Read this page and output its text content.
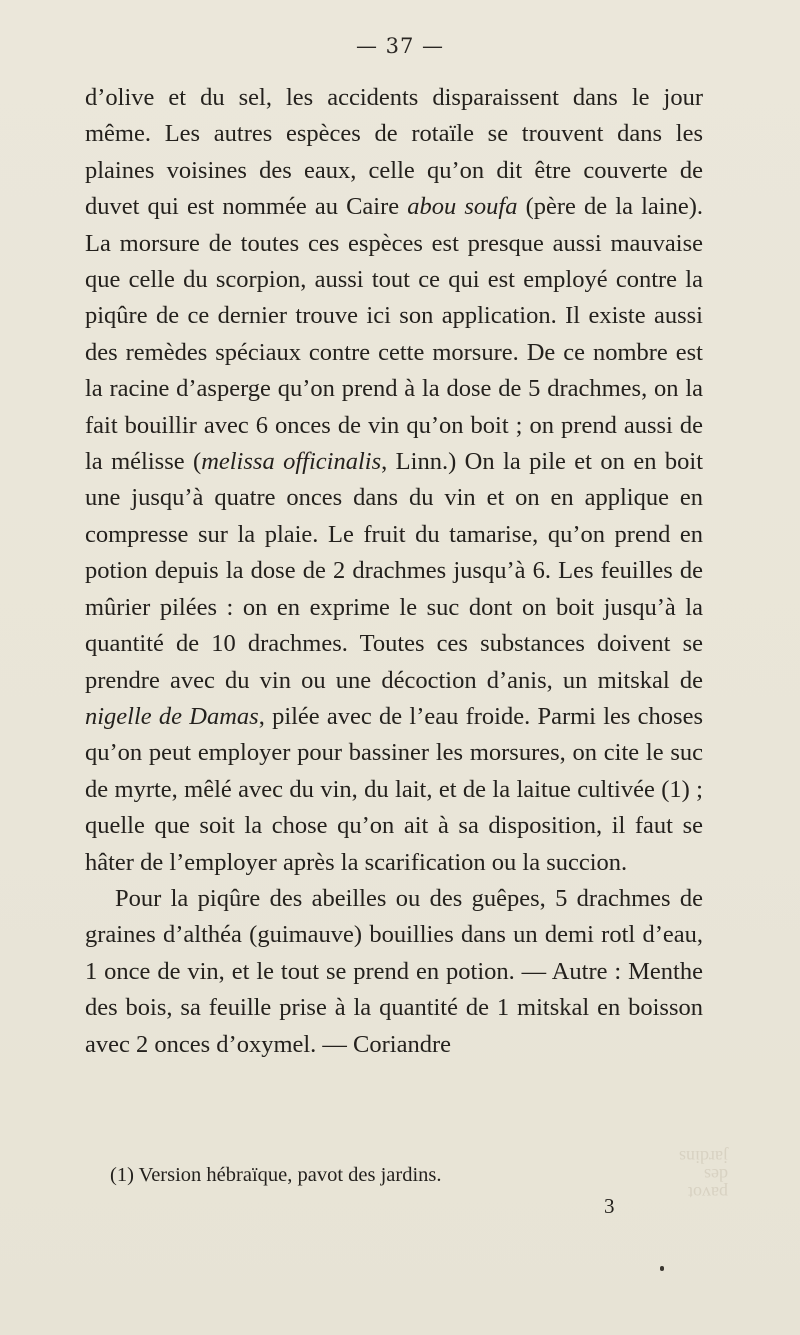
— 37 —

d’olive et du sel, les accidents disparaissent dans le jour même. Les autres espèces de rotaïle se trouvent dans les plaines voisines des eaux, celle qu’on dit être couverte de duvet qui est nommée au Caire abou soufa (père de la laine). La morsure de toutes ces espèces est presque aussi mauvaise que celle du scorpion, aussi tout ce qui est employé contre la piqûre de ce dernier trouve ici son application. Il existe aussi des remèdes spéciaux contre cette morsure. De ce nombre est la racine d’asperge qu’on prend à la dose de 5 drachmes, on la fait bouillir avec 6 onces de vin qu’on boit ; on prend aussi de la mélisse (melissa officinalis, Linn.) On la pile et on en boit une jusqu’à quatre onces dans du vin et on en applique en compresse sur la plaie. Le fruit du tamarise, qu’on prend en potion depuis la dose de 2 drachmes jusqu’à 6. Les feuilles de mûrier pilées : on en exprime le suc dont on boit jusqu’à la quantité de 10 drachmes. Toutes ces substances doivent se prendre avec du vin ou une décoction d’anis, un mitskal de nigelle de Damas, pilée avec de l’eau froide. Parmi les choses qu’on peut employer pour bassiner les morsures, on cite le suc de myrte, mêlé avec du vin, du lait, et de la laitue cultivée (1) ; quelle que soit la chose qu’on ait à sa disposition, il faut se hâter de l’employer après la scarification ou la succion.

Pour la piqûre des abeilles ou des guêpes, 5 drachmes de graines d’althéa (guimauve) bouillies dans un demi rotl d’eau, 1 once de vin, et le tout se prend en potion. — Autre : Menthe des bois, sa feuille prise à la quantité de 1 mitskal en boisson avec 2 onces d’oxymel. — Coriandre

(1) Version hébraïque, pavot des jardins.
3
pavot des jardins
